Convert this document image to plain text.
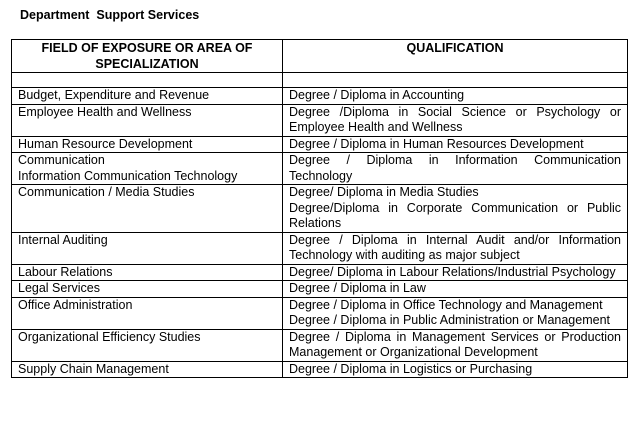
Department  Support Services
FIELD OF EXPOSURE OR AREA OF SPECIALIZATION	QUALIFICATION

Budget, Expenditure and Revenue	Degree / Diploma in Accounting

Employee Health and Wellness	Degree /Diploma in Social Science or Psychology or Employee Health and Wellness

Human Resource Development	Degree / Diploma in Human Resources Development

Communication
Information Communication Technology	Degree / Diploma in Information Communication Technology

Communication / Media Studies	Degree/ Diploma in Media Studies
Degree/Diploma in Corporate Communication or Public Relations

Internal Auditing	Degree / Diploma in Internal Audit and/or Information Technology with auditing as major subject

Labour Relations	Degree/ Diploma in Labour Relations/Industrial Psychology

Legal Services	Degree / Diploma in Law

Office Administration	Degree / Diploma in Office Technology and Management
Degree / Diploma in Public Administration or Management

Organizational Efficiency Studies	Degree / Diploma in Management Services or Production Management or Organizational Development

Supply Chain Management	Degree / Diploma in Logistics or Purchasing
